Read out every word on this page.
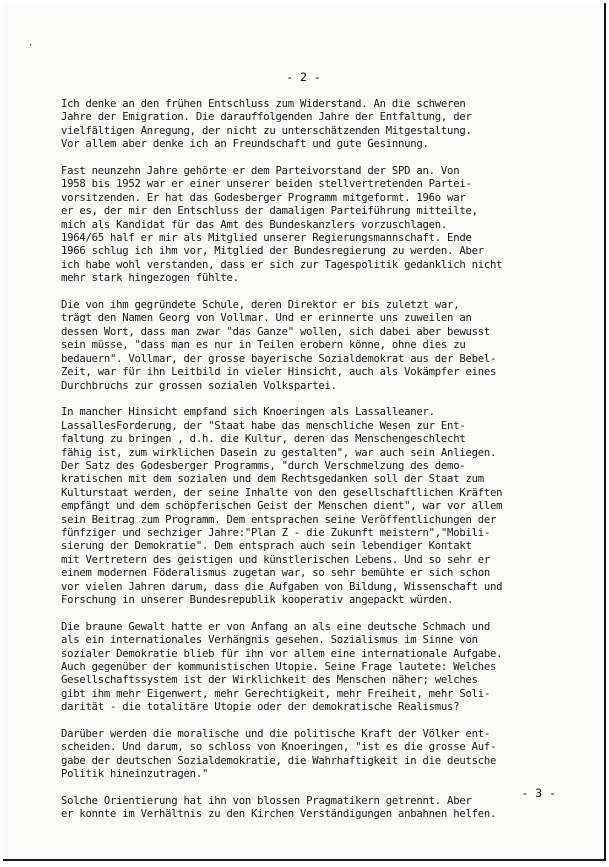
'
- 2 -
Ich denke an den frühen Entschluss zum Widerstand. An die schweren
Jahre der Emigration. Die darauffolgenden Jahre der Entfaltung, der
vielfältigen Anregung, der nicht zu unterschätzenden Mitgestaltung.
Vor allem aber denke ich an Freundschaft und gute Gesinnung.
Fast neunzehn Jahre gehörte er dem Parteivorstand der SPD an. Von
1958 bis 1952 war er einer unserer beiden stellvertretenden Partei-
vorsitzenden. Er hat das Godesberger Programm mitgeformt. 196o war
er es, der mir den Entschluss der damaligen Parteiführung mitteilte,
mich als Kandidat für das Amt des Bundeskanzlers vorzuschlagen.
1964/65 half er mir als Mitglied unserer Regierungsmannschaft. Ende
1966 schlug ich ihm vor, Mitglied der Bundesregierung zu werden. Aber
ich habe wohl verstanden, dass er sich zur Tagespolitik gedanklich nicht
mehr stark hingezogen fühlte.
Die von ihm gegründete Schule, deren Direktor er bis zuletzt war,
trägt den Namen Georg von Vollmar. Und er erinnerte uns zuweilen an
dessen Wort, dass man zwar "das Ganze" wollen, sich dabei aber bewusst
sein müsse, "dass man es nur in Teilen erobern könne, ohne dies zu
bedauern". Vollmar, der grosse bayerische Sozialdemokrat aus der Bebel-
Zeit, war für ihn Leitbild in vieler Hinsicht, auch als Vokämpfer eines
Durchbruchs zur grossen sozialen Volkspartei.
In mancher Hinsicht empfand sich Knoeringen als Lassalleaner.
LassallesForderung, der "Staat habe das menschliche Wesen zur Ent-
faltung zu bringen , d.h. die Kultur, deren das Menschengeschlecht
fähig ist, zum wirklichen Dasein zu gestalten", war auch sein Anliegen.
Der Satz des Godesberger Programms, "durch Verschmelzung des demo-
kratischen mit dem sozialen und dem Rechtsgedanken soll der Staat zum
Kulturstaat werden, der seine Inhalte von den gesellschaftlichen Kräften
empfängt und dem schöpferischen Geist der Menschen dient", war vor allem
sein Beitrag zum Programm. Dem entsprachen seine Veröffentlichungen der
fünfziger und sechziger Jahre:"Plan Z - die Zukunft meistern","Mobili-
sierung der Demokratie". Dem entsprach auch sein lebendiger Kontakt
mit Vertretern des geistigen und künstlerischen Lebens. Und so sehr er
einem modernen Föderalismus zugetan war, so sehr bemühte er sich schon
vor vielen Jahren darum, dass die Aufgaben von Bildung, Wissenschaft und
Forschung in unserer Bundesrepublik kooperativ angepackt würden.
Die braune Gewalt hatte er von Anfang an als eine deutsche Schmach und
als ein internationales Verhängnis gesehen. Sozialismus im Sinne von
sozialer Demokratie blieb für ihn vor allem eine internationale Aufgabe.
Auch gegenüber der kommunistischen Utopie. Seine Frage lautete: Welches
Gesellschaftssystem ist der Wirklichkeit des Menschen näher; welches
gibt ihm mehr Eigenwert, mehr Gerechtigkeit, mehr Freiheit, mehr Soli-
darität - die totalitäre Utopie oder der demokratische Realismus?
Darüber werden die moralische und die politische Kraft der Völker ent-
scheiden. Und darum, so schloss von Knoeringen, "ist es die grosse Auf-
gabe der deutschen Sozialdemokratie, die Wahrhaftigkeit in die deutsche
Politik hineinzutragen."
Solche Orientierung hat ihn von blossen Pragmatikern getrennt. Aber
er konnte im Verhältnis zu den Kirchen Verständigungen anbahnen helfen.
- 3 -
